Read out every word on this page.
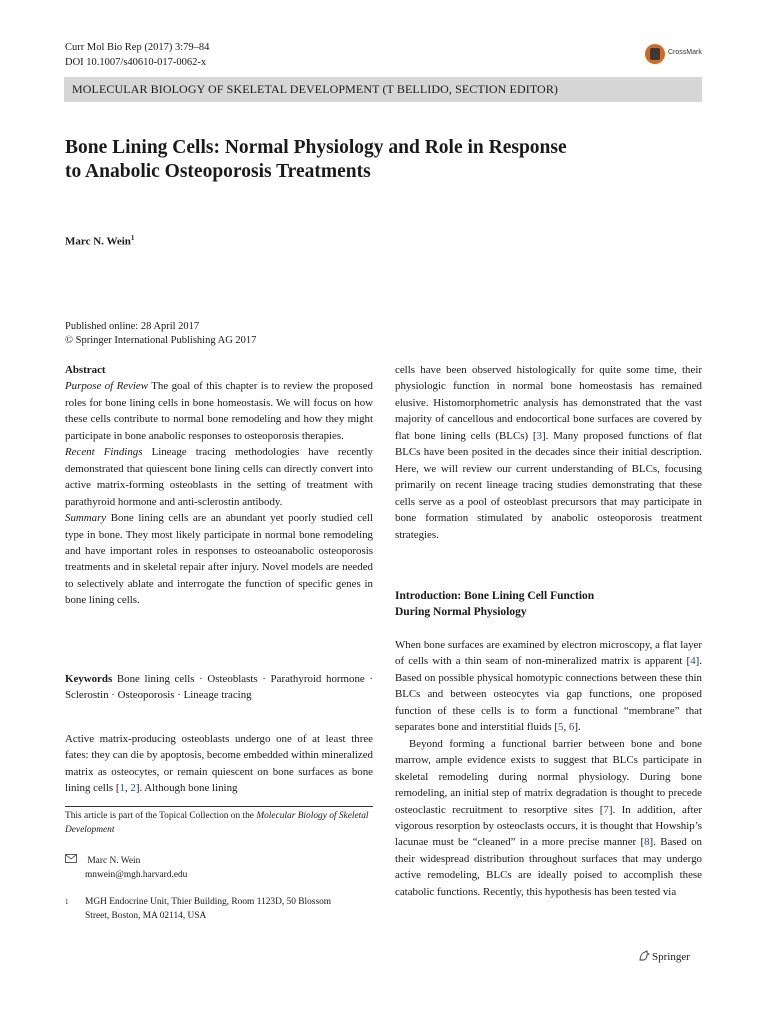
Curr Mol Bio Rep (2017) 3:79–84
DOI 10.1007/s40610-017-0062-x
CrossMark
MOLECULAR BIOLOGY OF SKELETAL DEVELOPMENT (T BELLIDO, SECTION EDITOR)
Bone Lining Cells: Normal Physiology and Role in Response
to Anabolic Osteoporosis Treatments
Marc N. Wein$^1$
Published online: 28 April 2017
© Springer International Publishing AG 2017

Abstract

Purpose of Review The goal of this chapter is to review the proposed roles for bone lining cells in bone homeostasis. We will focus on how these cells contribute to normal bone remodeling and how they might participate in bone anabolic responses to osteoporosis therapies.

Recent Findings Lineage tracing methodologies have recently demonstrated that quiescent bone lining cells can directly convert into active matrix-forming osteoblasts in the setting of treatment with parathyroid hormone and anti-sclerostin antibody.

Summary Bone lining cells are an abundant yet poorly studied cell type in bone. They most likely participate in normal bone remodeling and have important roles in responses to osteoanabolic osteoporosis treatments and in skeletal repair after injury. Novel models are needed to selectively ablate and interrogate the function of specific genes in bone lining cells.

Keywords Bone lining cells · Osteoblasts · Parathyroid hormone · Sclerostin · Osteoporosis · Lineage tracing

Active matrix-producing osteoblasts undergo one of at least three fates: they can die by apoptosis, become embedded within mineralized matrix as osteocytes, or remain quiescent on bone surfaces as bone lining cells [1, 2]. Although bone lining

This article is part of the Topical Collection on the Molecular Biology of Skeletal Development
Marc N. Wein
mnwein@mgh.harvard.edu
$^1$ MGH Endocrine Unit, Thier Building, Room 1123D, 50 Blossom
Street, Boston, MA 02114, USA

cells have been observed histologically for quite some time, their physiologic function in normal bone homeostasis has remained elusive. Histomorphometric analysis has demonstrated that the vast majority of cancellous and endocortical bone surfaces are covered by flat bone lining cells (BLCs) [3]. Many proposed functions of flat BLCs have been posited in the decades since their initial description. Here, we will review our current understanding of BLCs, focusing primarily on recent lineage tracing studies demonstrating that these cells serve as a pool of osteoblast precursors that may participate in bone formation stimulated by anabolic osteoporosis treatment strategies.

Introduction: Bone Lining Cell Function
During Normal Physiology

When bone surfaces are examined by electron microscopy, a flat layer of cells with a thin seam of non-mineralized matrix is apparent [4]. Based on possible physical homotypic connections between these thin BLCs and between osteocytes via gap functions, one proposed function of these cells is to form a functional “membrane” that separates bone and interstitial fluids [5, 6].

Beyond forming a functional barrier between bone and bone marrow, ample evidence exists to suggest that BLCs participate in skeletal remodeling during normal physiology. During bone remodeling, an initial step of matrix degradation is thought to precede osteoclastic recruitment to resorptive sites [7]. In addition, after vigorous resorption by osteoclasts occurs, it is thought that Howship’s lacunae must be “cleaned” in a more precise manner [8]. Based on their widespread distribution throughout surfaces that may undergo active remodeling, BLCs are ideally poised to accomplish these catabolic functions. Recently, this hypothesis has been tested via

Springer
